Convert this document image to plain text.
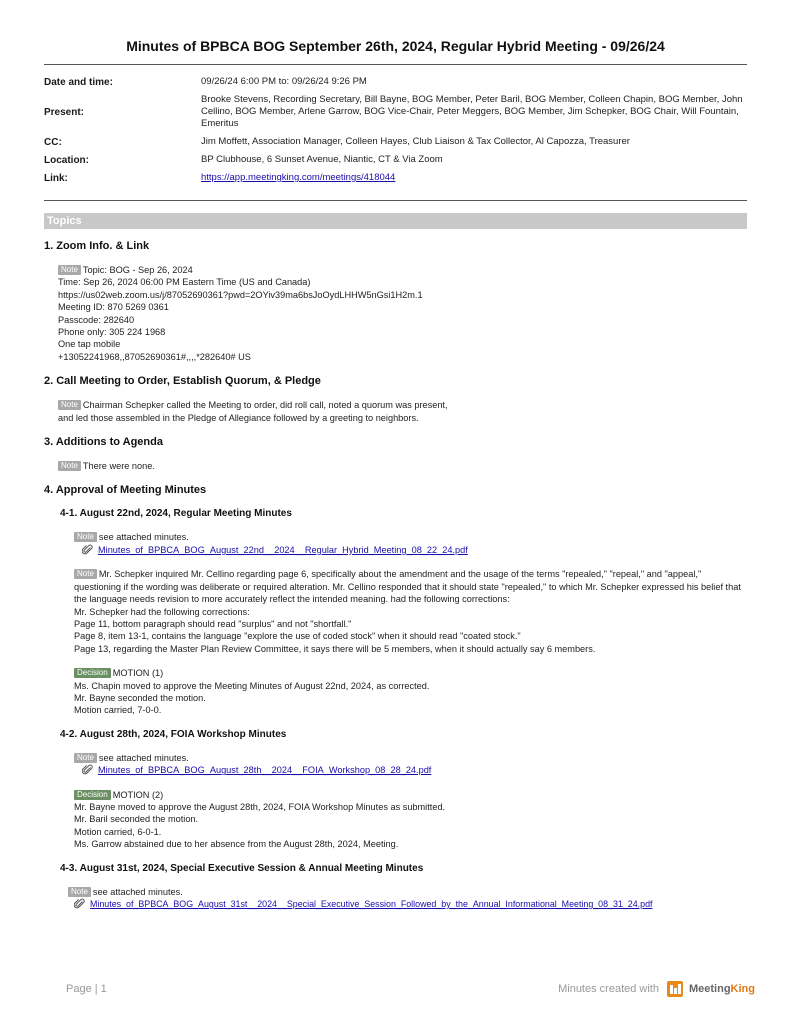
Minutes of BPBCA BOG September 26th, 2024, Regular Hybrid Meeting - 09/26/24
Date and time:	09/26/24 6:00 PM to: 09/26/24 9:26 PM
Present:
Brooke Stevens, Recording Secretary, Bill Bayne, BOG Member, Peter Baril, BOG Member, Colleen Chapin, BOG Member, John Cellino, BOG Member, Arlene Garrow, BOG Vice-Chair, Peter Meggers, BOG Member, Jim Schepker, BOG Chair, Will Fountain, Emeritus
CC:	Jim Moffett, Association Manager, Colleen Hayes, Club Liaison & Tax Collector, Al Capozza, Treasurer
Location:	BP Clubhouse, 6 Sunset Avenue, Niantic, CT & Via Zoom
Link:	https://app.meetingking.com/meetings/418044
Topics
1. Zoom Info. & Link
Note Topic: BOG - Sep 26, 2024
Time: Sep 26, 2024 06:00 PM Eastern Time (US and Canada)
https://us02web.zoom.us/j/87052690361?pwd=2OYiv39ma6bsJoOydLHHW5nGsi1H2m.1
Meeting ID: 870 5269 0361
Passcode: 282640
Phone only: 305 224 1968
One tap mobile
+13052241968,,87052690361#,,,,*282640# US
2. Call Meeting to Order, Establish Quorum, & Pledge
Note Chairman Schepker called the Meeting to order, did roll call, noted a quorum was present,
and led those assembled in the Pledge of Allegiance followed by a greeting to neighbors.
3. Additions to Agenda
Note There were none.
4. Approval of Meeting Minutes
4-1. August 22nd, 2024, Regular Meeting Minutes
Note see attached minutes.
Minutes_of_BPBCA_BOG_August_22nd__2024__Regular_Hybrid_Meeting_08_22_24.pdf
Note Mr. Schepker inquired Mr. Cellino regarding page 6, specifically about the amendment and the usage of the terms "repealed," "repeal," and "appeal," questioning if the wording was deliberate or required alteration. Mr. Cellino responded that it should state "repealed," to which Mr. Schepker expressed his belief that the language needs revision to more accurately reflect the intended meaning. had the following corrections:
Mr. Schepker had the following corrections:
Page 11, bottom paragraph should read "surplus" and not "shortfall."
Page 8, item 13-1, contains the language "explore the use of coded stock" when it should read "coated stock."
Page 13, regarding the Master Plan Review Committee, it says there will be 5 members, when it should actually say 6 members.
Decision MOTION (1)
Ms. Chapin moved to approve the Meeting Minutes of August 22nd, 2024, as corrected.
Mr. Bayne seconded the motion.
Motion carried, 7-0-0.
4-2. August 28th, 2024, FOIA Workshop Minutes
Note see attached minutes.
Minutes_of_BPBCA_BOG_August_28th__2024__FOIA_Workshop_08_28_24.pdf
Decision MOTION (2)
Mr. Bayne moved to approve the August 28th, 2024, FOIA Workshop Minutes as submitted.
Mr. Baril seconded the motion.
Motion carried, 6-0-1.
Ms. Garrow abstained due to her absence from the August 28th, 2024, Meeting.
4-3. August 31st, 2024, Special Executive Session & Annual Meeting Minutes
Note see attached minutes.
Minutes_of_BPBCA_BOG_August_31st__2024__Special_Executive_Session_Followed_by_the_Annual_Informational_Meeting_08_31_24.pdf
Page | 1	Minutes created with	MeetingKing
